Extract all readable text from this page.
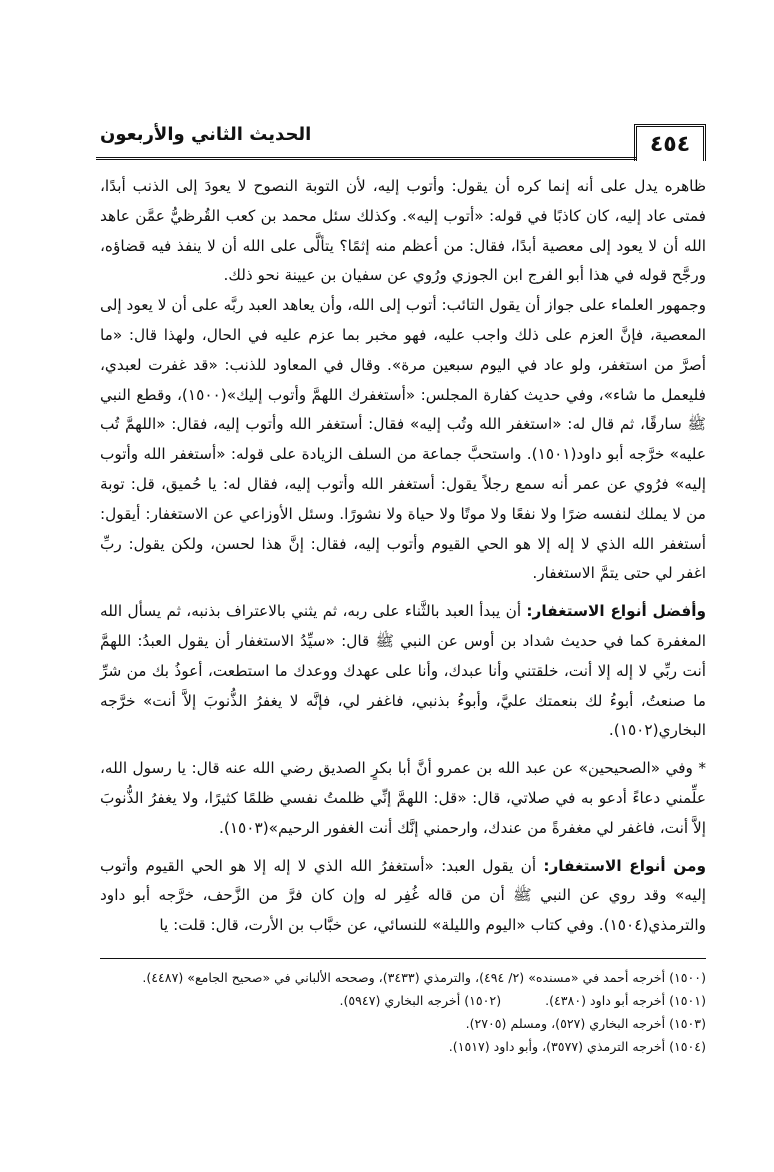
٤٥٤
الحديث الثاني والأربعون

ظاهره يدل على أنه إنما كره أن يقول: وأتوب إليه، لأن التوبة النصوح لا يعودَ إلى الذنب أبدًا، فمتى عاد إليه، كان كاذبًا في قوله: «أتوب إليه». وكذلك سئل محمد بن كعب القُرظيُّ عمَّن عاهد الله أن لا يعود إلى معصية أبدًا، فقال: من أعظم منه إثمًا؟ يتألَّى على الله أن لا ينفذ فيه قضاؤه، ورجَّح قوله في هذا أبو الفرج ابن الجوزي ورُوي عن سفيان بن عيينة نحو ذلك.

وجمهور العلماء على جواز أن يقول التائب: أتوب إلى الله، وأن يعاهد العبد ربَّه على أن لا يعود إلى المعصية، فإنَّ العزم على ذلك واجب عليه، فهو مخبر بما عزم عليه في الحال، ولهذا قال: «ما أصرَّ من استغفر، ولو عاد في اليوم سبعين مرة». وقال في المعاود للذنب: «قد غفرت لعبدي، فليعمل ما شاء»، وفي حديث كفارة المجلس: «أستغفرك اللهمَّ وأتوب إليك»(١٥٠٠)، وقطع النبي ﷺ سارقًا، ثم قال له: «استغفر الله وتُب إليه» فقال: أستغفر الله وأتوب إليه، فقال: «اللهمَّ تُب عليه» خرَّجه أبو داود(١٥٠١). واستحبَّ جماعة من السلف الزيادة على قوله: «أستغفر الله وأتوب إليه» فرُوي عن عمر أنه سمع رجلاً يقول: أستغفر الله وأتوب إليه، فقال له: يا حُميق، قل: توبة من لا يملك لنفسه ضرًا ولا نفعًا ولا موتًا ولا حياة ولا نشورًا. وسئل الأوزاعي عن الاستغفار: أيقول: أستغفر الله الذي لا إله إلا هو الحي القيوم وأتوب إليه، فقال: إنَّ هذا لحسن، ولكن يقول: ربِّ اغفر لي حتى يتمَّ الاستغفار.

وأفضل أنواع الاستغفار: أن يبدأ العبد بالثَّناء على ربه، ثم يثني بالاعتراف بذنبه، ثم يسأل الله المغفرة كما في حديث شداد بن أوس عن النبي ﷺ قال: «سيِّدُ الاستغفار أن يقول العبدُ: اللهمَّ أنت ربِّي لا إله إلا أنت، خلقتني وأنا عبدك، وأنا على عهدك ووعدك ما استطعت، أعوذُ بك من شرِّ ما صنعتُ، أبوءُ لك بنعمتك عليَّ، وأبوءُ بذنبي، فاغفر لي، فإنَّه لا يغفرُ الذُّنوبَ إلاَّ أنت» خرَّجه البخاري(١٥٠٢).

* وفي «الصحيحين» عن عبد الله بن عمرو أنَّ أبا بكرٍ الصديق رضي الله عنه قال: يا رسول الله، علِّمني دعاءً أدعو به في صلاتي، قال: «قل: اللهمَّ إنِّي ظلمتُ نفسي ظلمًا كثيرًا، ولا يغفرُ الذُّنوبَ إلاَّ أنت، فاغفر لي مغفرةً من عندك، وارحمني إنَّك أنت الغفور الرحيم»(١٥٠٣).

ومن أنواع الاستغفار: أن يقول العبد: «أستغفرُ الله الذي لا إله إلا هو الحي القيوم وأتوب إليه» وقد روي عن النبي ﷺ أن من قاله غُفِر له وإن كان فرَّ من الزَّحف، خرَّجه أبو داود والترمذي(١٥٠٤). وفي كتاب «اليوم والليلة» للنسائي، عن خبَّاب بن الأرت، قال: قلت: يا

(١٥٠٠) أخرجه أحمد في «مسنده» (٢/ ٤٩٤)، والترمذي (٣٤٣٣)، وصححه الألباني في «صحيح الجامع» (٤٤٨٧).

(١٥٠١) أخرجه أبو داود (٤٣٨٠).

(١٥٠٢) أخرجه البخاري (٥٩٤٧).

(١٥٠٣) أخرجه البخاري (٥٢٧)، ومسلم (٢٧٠٥).

(١٥٠٤) أخرجه الترمذي (٣٥٧٧)، وأبو داود (١٥١٧).
